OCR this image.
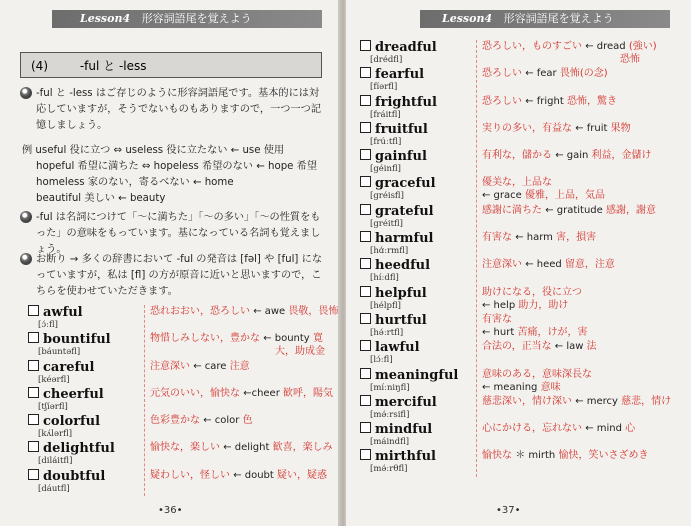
Lesson4 形容詞語尾を覚えよう
(4)	-ful と -less
-ful と -less はご存じのように形容詞語尾です。基本的には対応していますが，そうでないものもありますので，一つ一つ記憶しましょう。
例 useful 役に立つ ⇔ useless 役に立たない ← use 使用
hopeful 希望に満ちた ⇔ hopeless 希望のない ← hope 希望
homeless 家のない，寄るべない ← home
beautiful 美しい ← beauty
-ful は名詞につけて「〜に満ちた」「〜の多い」「〜の性質をもった」の意味をもっています。基になっている名詞も覚えましょう。
お断り → 多くの辞書において -ful の発音は [fəl] や [ful] になっていますが，私は [fl] の方が原音に近いと思いますので，こちらを使わせていただきます。
awful
[ɔ́ːfl]
恐れおおい，恐ろしい ← awe 畏敬，畏怖
bountiful
[báuntəfl]
物惜しみしない，豊かな ← bounty 寛
大，助成金
careful
[kéərfl]
注意深い ← care 注意
cheerful
[tʃíərfl]
元気のいい，愉快な ←cheer 歓呼，陽気
colorful
[kʌ́lərfl]
色彩豊かな ← color 色
delightful
[diláitfl]
愉快な，楽しい ← delight 歓喜，楽しみ
doubtful
[dáutfl]
疑わしい，怪しい ← doubt 疑い，疑惑
•36•
Lesson4 形容詞語尾を覚えよう
•37•
dreadful
[drédfl]
恐ろしい，ものすごい ← dread (強い)
恐怖
fearful
[fíərfl]
恐ろしい ← fear 畏怖(の念)
frightful
[fráitfl]
恐ろしい ← fright 恐怖，驚き
fruitful
[frúːtfl]
実りの多い，有益な ← fruit 果物
gainful
[géinfl]
有利な，儲かる ← gain 利益，金儲け
graceful
[gréisfl]
優美な，上品な
← grace 優雅，上品，気品
grateful
[gréitfl]
感謝に満ちた ← gratitude 感謝，謝意
harmful
[hɑ́ːrmfl]
有害な ← harm 害，損害
heedful
[híːdfl]
注意深い ← heed 留意，注意
helpful
[hélpfl]
助けになる，役に立つ
← help 助力，助け
hurtful
[hə́ːrtfl]
有害な
← hurt 苦痛，けが，害
lawful
[lɔ́ːfl]
合法の，正当な ← law 法
meaningful
[míːniŋfl]
意味のある，意味深長な
← meaning 意味
merciful
[mə́ːrsifl]
慈悲深い，情け深い ← mercy 慈悲，情け
mindful
[máindfl]
心にかける，忘れない ← mind 心
mirthful
[mə́ːrθfl]
愉快な ＊ mirth 愉快，笑いさざめき
